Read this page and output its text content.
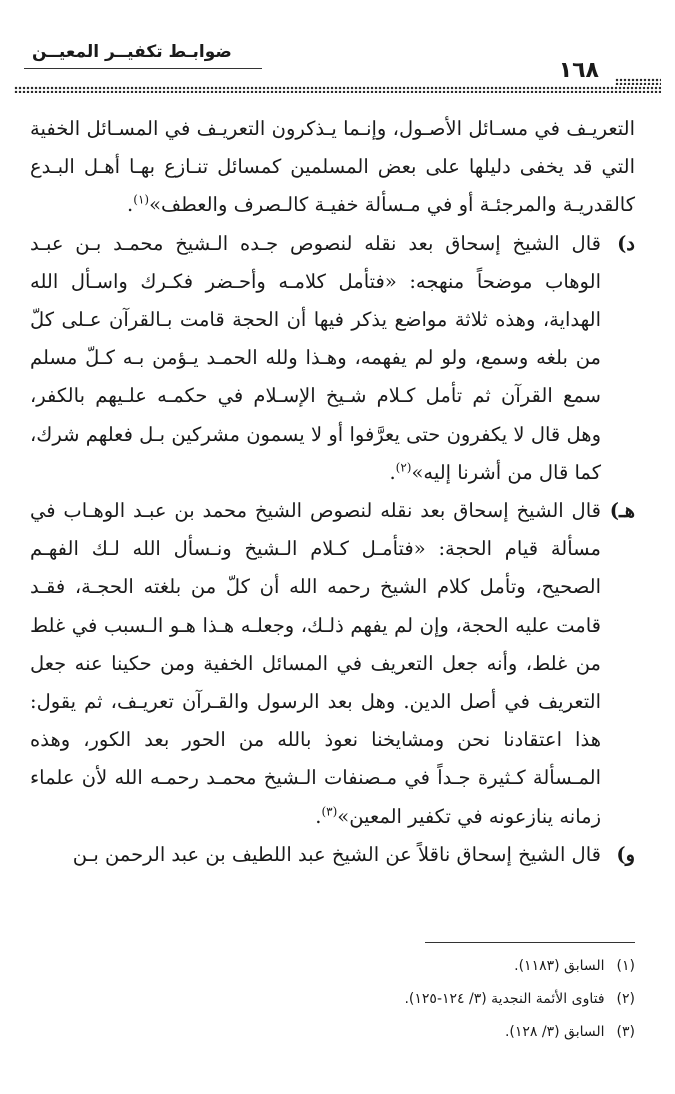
ضوابـط تكفيــر المعيــن
١٦٨

التعريـف في مسـائل الأصـول، وإنـما يـذكرون التعريـف في المسـائل الخفية التي قد يخفى دليلها على بعض المسلمين كمسائل تنـازع بهـا أهـل البـدع كالقدريـة والمرجئـة أو في مـسألة خفيـة كالـصرف والعطف»$^{(١)}$.

د)
قال الشيخ إسحاق بعد نقله لنصوص جـده الـشيخ محمـد بـن عبـد الوهاب موضحاً منهجه: «فتأمل كلامـه وأحـضر فكـرك واسـأل الله الهداية، وهذه ثلاثة مواضع يذكر فيها أن الحجة قامت بـالقرآن عـلى كلّ من بلغه وسمع، ولو لم يفهمه، وهـذا ولله الحمـد يـؤمن بـه كـلّ مسلم سمع القرآن ثم تأمل كـلام شـيخ الإسـلام في حكمـه علـيهم بالكفر، وهل قال لا يكفرون حتى يعرَّفوا أو لا يسمون مشركين بـل فعلهم شرك، كما قال من أشرنا إليه»$^{(٢)}$.

هـ)
قال الشيخ إسحاق بعد نقله لنصوص الشيخ محمد بن عبـد الوهـاب في مسألة قيام الحجة: «فتأمـل كـلام الـشيخ ونـسأل الله لـك الفهـم الصحيح، وتأمل كلام الشيخ رحمه الله أن كلّ من بلغته الحجـة، فقـد قامت عليه الحجة، وإن لم يفهم ذلـك، وجعلـه هـذا هـو الـسبب في غلط من غلط، وأنه جعل التعريف في المسائل الخفية ومن حكينا عنه جعل التعريف في أصل الدين. وهل بعد الرسول والقـرآن تعريـف، ثم يقول: هذا اعتقادنا نحن ومشايخنا نعوذ بالله من الحور بعد الكور، وهذه المـسألة كـثيرة جـداً في مـصنفات الـشيخ محمـد رحمـه الله لأن علماء زمانه ينازعونه في تكفير المعين»$^{(٣)}$.

و)
قال الشيخ إسحاق ناقلاً عن الشيخ عبد اللطيف بن عبد الرحمن بـن

(١)السابق (١١٨٣).

(٢)فتاوى الأئمة النجدية (٣/ ١٢٤-١٢٥).

(٣)السابق (٣/ ١٢٨).
